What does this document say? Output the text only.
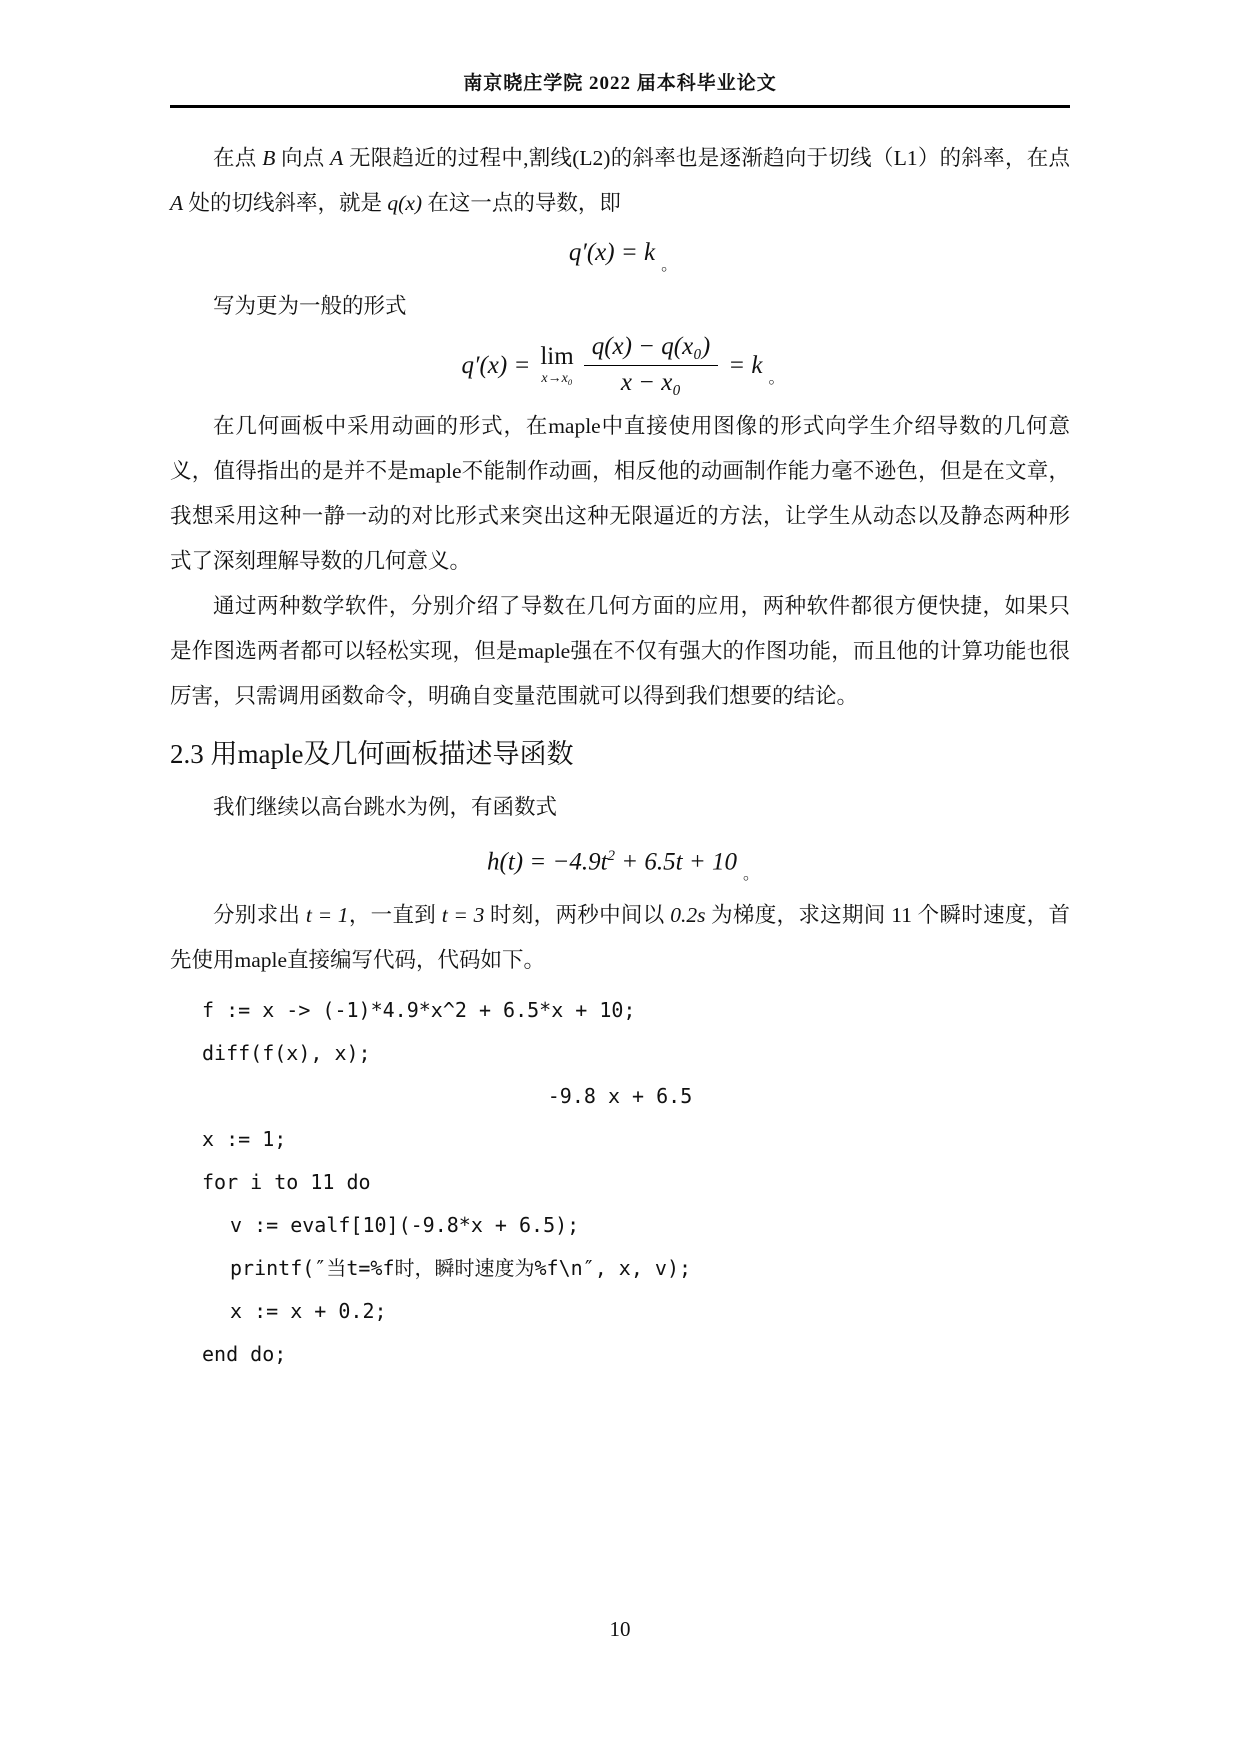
南京晓庄学院 2022 届本科毕业论文

在点 B 向点 A 无限趋近的过程中,割线(L2)的斜率也是逐渐趋向于切线（L1）的斜率，在点 A 处的切线斜率，就是 q(x) 在这一点的导数，即

q′(x) = k $_。$

写为更为一般的形式

q′(x) = lim
$x\to x_0 \frac{\text{q(x) − q(x₀)}}{\text{x − x₀}} = k$ $_。$

在几何画板中采用动画的形式，在maple中直接使用图像的形式向学生介绍导数的几何意义，值得指出的是并不是maple不能制作动画，相反他的动画制作能力毫不逊色，但是在文章，我想采用这种一静一动的对比形式来突出这种无限逼近的方法，让学生从动态以及静态两种形式了深刻理解导数的几何意义。

通过两种数学软件，分别介绍了导数在几何方面的应用，两种软件都很方便快捷，如果只是作图选两者都可以轻松实现，但是maple强在不仅有强大的作图功能，而且他的计算功能也很厉害，只需调用函数命令，明确自变量范围就可以得到我们想要的结论。

2.3 用maple及几何画板描述导函数

我们继续以高台跳水为例，有函数式

$h(t) = -4.9t^2 + 6.5t + 10$ $_。$

分别求出 t = 1，一直到 t = 3 时刻，两秒中间以 0.2s 为梯度，求这期间 11 个瞬时速度，首先使用maple直接编写代码，代码如下。

f := x -> (-1)*4.9*x^2 + 6.5*x + 10;
diff(f(x), x);
-9.8 x + 6.5
x := 1;
for i to 11 do
v := evalf[10](-9.8*x + 6.5);
printf(″当t=%f时，瞬时速度为%f\n″, x, v);
x := x + 0.2;
end do;
10
